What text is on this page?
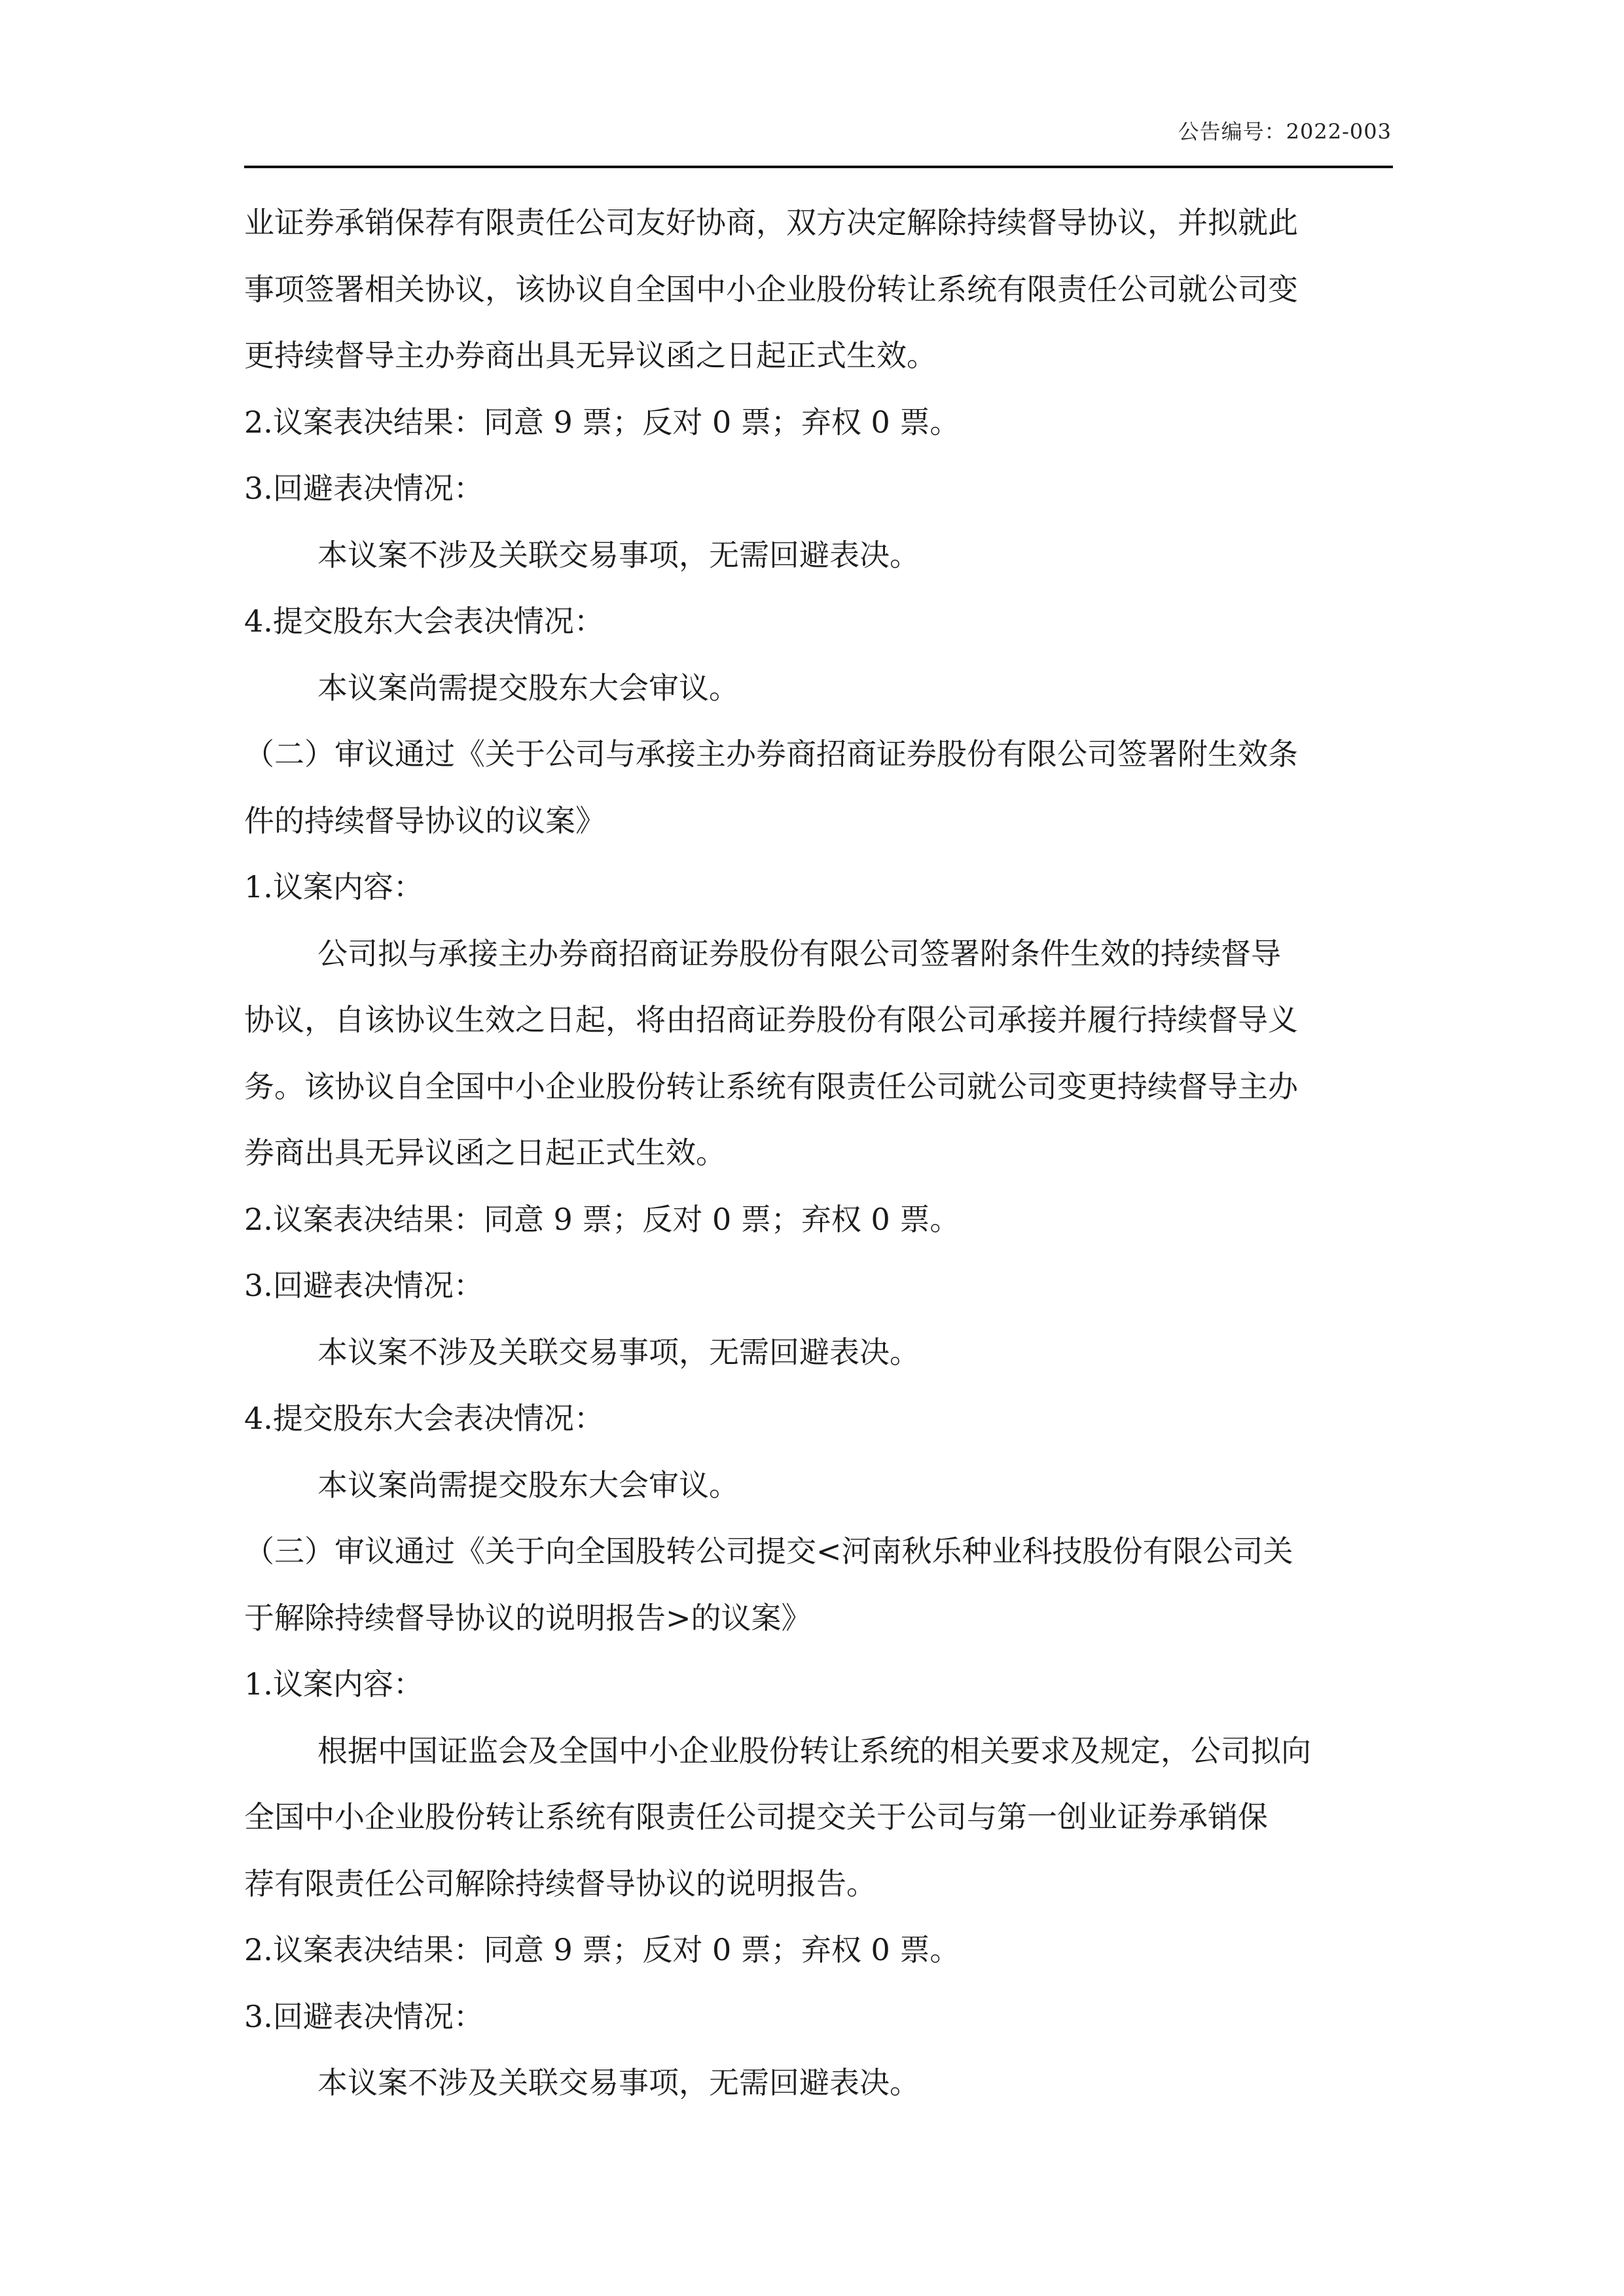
公告编号：2022-003
业证券承销保荐有限责任公司友好协商，双方决定解除持续督导协议，并拟就此
事项签署相关协议，该协议自全国中小企业股份转让系统有限责任公司就公司变
更持续督导主办券商出具无异议函之日起正式生效。
2.议案表决结果：同意 9 票；反对 0 票；弃权 0 票。
3.回避表决情况：
本议案不涉及关联交易事项，无需回避表决。
4.提交股东大会表决情况：
本议案尚需提交股东大会审议。
（二）审议通过《关于公司与承接主办券商招商证券股份有限公司签署附生效条
件的持续督导协议的议案》
1.议案内容：
公司拟与承接主办券商招商证券股份有限公司签署附条件生效的持续督导
协议，自该协议生效之日起，将由招商证券股份有限公司承接并履行持续督导义
务。该协议自全国中小企业股份转让系统有限责任公司就公司变更持续督导主办
券商出具无异议函之日起正式生效。
2.议案表决结果：同意 9 票；反对 0 票；弃权 0 票。
3.回避表决情况：
本议案不涉及关联交易事项，无需回避表决。
4.提交股东大会表决情况：
本议案尚需提交股东大会审议。
（三）审议通过《关于向全国股转公司提交<河南秋乐种业科技股份有限公司关
于解除持续督导协议的说明报告>的议案》
1.议案内容：
根据中国证监会及全国中小企业股份转让系统的相关要求及规定，公司拟向
全国中小企业股份转让系统有限责任公司提交关于公司与第一创业证券承销保
荐有限责任公司解除持续督导协议的说明报告。
2.议案表决结果：同意 9 票；反对 0 票；弃权 0 票。
3.回避表决情况：
本议案不涉及关联交易事项，无需回避表决。
